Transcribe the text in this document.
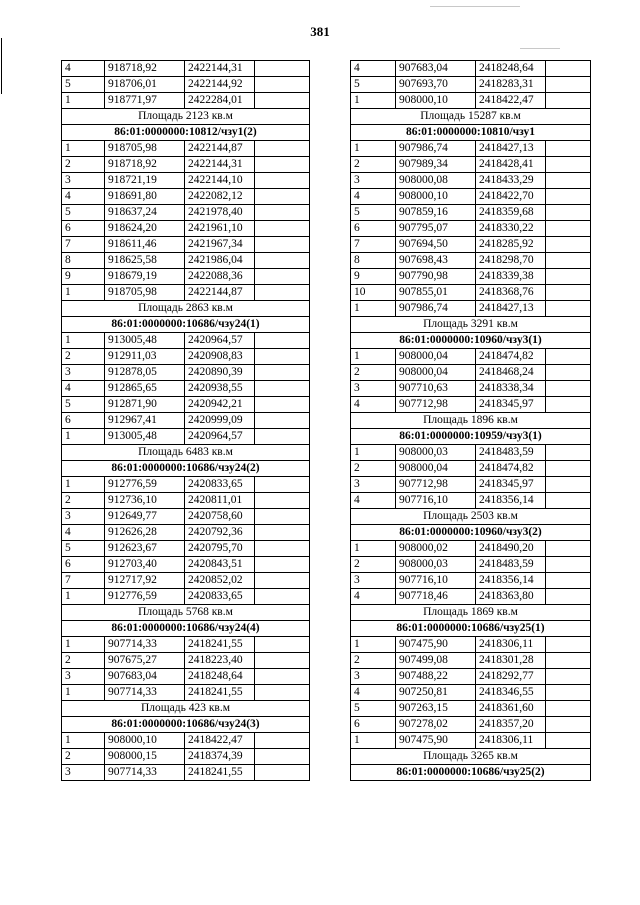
381
4	918718,92	2422144,31	
5	918706,01	2422144,92	
1	918771,97	2422284,01	
Площадь 2123 кв.м			
86:01:0000000:10812/чзу1(2)			
1	918705,98	2422144,87	
2	918718,92	2422144,31	
3	918721,19	2422144,10	
4	918691,80	2422082,12	
5	918637,24	2421978,40	
6	918624,20	2421961,10	
7	918611,46	2421967,34	
8	918625,58	2421986,04	
9	918679,19	2422088,36	
1	918705,98	2422144,87	
Площадь 2863 кв.м			
86:01:0000000:10686/чзу24(1)			
1	913005,48	2420964,57	
2	912911,03	2420908,83	
3	912878,05	2420890,39	
4	912865,65	2420938,55	
5	912871,90	2420942,21	
6	912967,41	2420999,09	
1	913005,48	2420964,57	
Площадь 6483 кв.м			
86:01:0000000:10686/чзу24(2)			
1	912776,59	2420833,65	
2	912736,10	2420811,01	
3	912649,77	2420758,60	
4	912626,28	2420792,36	
5	912623,67	2420795,70	
6	912703,40	2420843,51	
7	912717,92	2420852,02	
1	912776,59	2420833,65	
Площадь 5768 кв.м			
86:01:0000000:10686/чзу24(4)			
1	907714,33	2418241,55	
2	907675,27	2418223,40	
3	907683,04	2418248,64	
1	907714,33	2418241,55	
Площадь 423 кв.м			
86:01:0000000:10686/чзу24(3)			
1	908000,10	2418422,47	
2	908000,15	2418374,39	
3	907714,33	2418241,55	
4	907683,04	2418248,64	
5	907693,70	2418283,31	
1	908000,10	2418422,47	
Площадь 15287 кв.м			
86:01:0000000:10810/чзу1			
1	907986,74	2418427,13	
2	907989,34	2418428,41	
3	908000,08	2418433,29	
4	908000,10	2418422,70	
5	907859,16	2418359,68	
6	907795,07	2418330,22	
7	907694,50	2418285,92	
8	907698,43	2418298,70	
9	907790,98	2418339,38	
10	907855,01	2418368,76	
1	907986,74	2418427,13	
Площадь 3291 кв.м			
86:01:0000000:10960/чзу3(1)			
1	908000,04	2418474,82	
2	908000,04	2418468,24	
3	907710,63	2418338,34	
4	907712,98	2418345,97	
Площадь 1896 кв.м			
86:01:0000000:10959/чзу3(1)			
1	908000,03	2418483,59	
2	908000,04	2418474,82	
3	907712,98	2418345,97	
4	907716,10	2418356,14	
Площадь 2503 кв.м			
86:01:0000000:10960/чзу3(2)			
1	908000,02	2418490,20	
2	908000,03	2418483,59	
3	907716,10	2418356,14	
4	907718,46	2418363,80	
Площадь 1869 кв.м			
86:01:0000000:10686/чзу25(1)			
1	907475,90	2418306,11	
2	907499,08	2418301,28	
3	907488,22	2418292,77	
4	907250,81	2418346,55	
5	907263,15	2418361,60	
6	907278,02	2418357,20	
1	907475,90	2418306,11	
Площадь 3265 кв.м			
86:01:0000000:10686/чзу25(2)			
